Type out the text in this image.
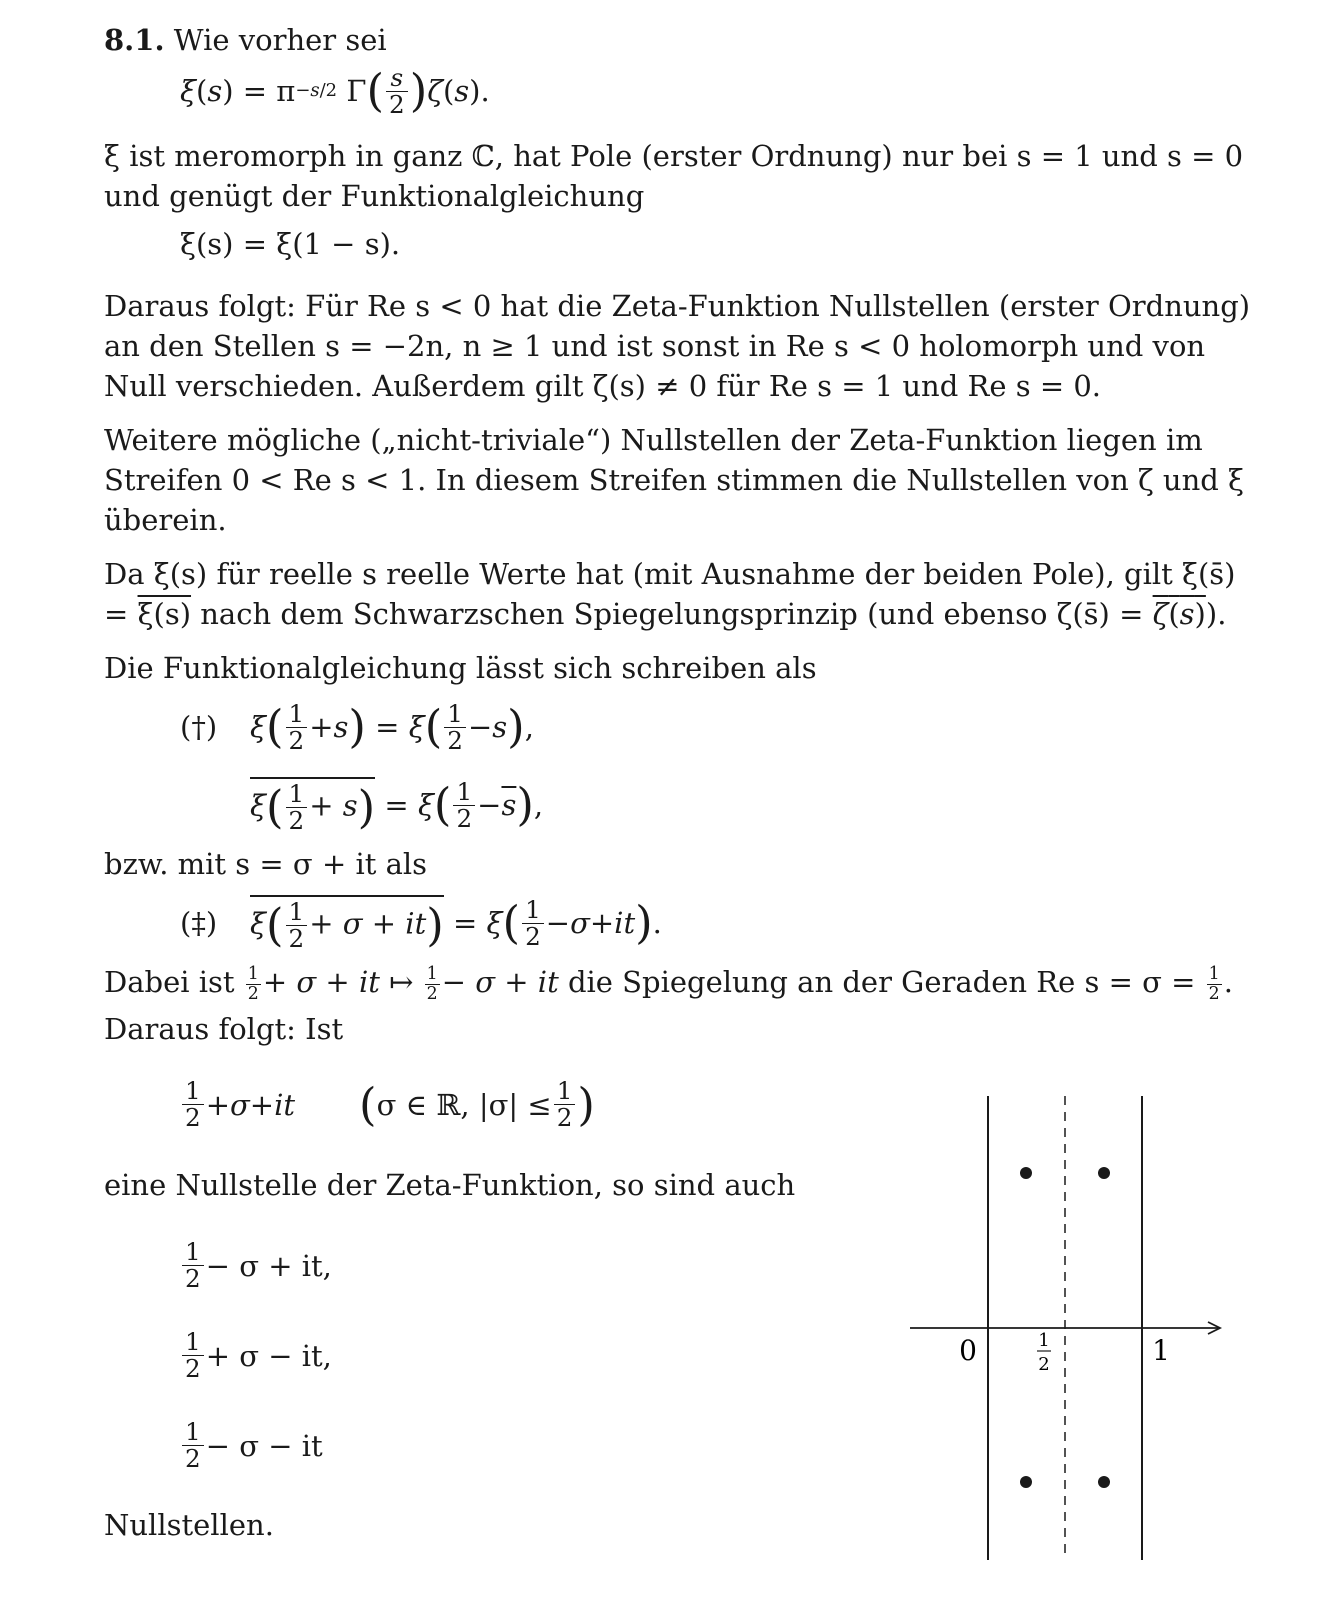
8.1. Wie vorher sei

ξ ( s ) = π −s/2 Γ ( $\frac{s}{2}$ ) ζ ( s ).

ξ ist meromorph in ganz ℂ, hat Pole (erster Ordnung) nur bei s = 1 und s = 0 und genügt der Funktionalgleichung

ξ(s) = ξ(1 − s).

Daraus folgt: Für Re s < 0 hat die Zeta-Funktion Nullstellen (erster Ordnung) an den Stellen s = −2n, n ≥ 1 und ist sonst in Re s < 0 holomorph und von Null verschieden. Außerdem gilt ζ(s) ≠ 0 für Re s = 1 und Re s = 0.

Weitere mögliche („nicht-triviale“) Nullstellen der Zeta-Funktion liegen im Streifen 0 < Re s < 1. In diesem Streifen stimmen die Nullstellen von ζ und ξ überein.

Da ξ(s) für reelle s reelle Werte hat (mit Ausnahme der beiden Pole), gilt ξ(s̄) = ξ(s) nach dem Schwarzschen Spiegelungsprinzip (und ebenso ζ(s̄) = ζ(s)).

Die Funktionalgleichung lässt sich schreiben als

(†)	ξ ( $\frac{1}{2} + s$ ) = ξ ( $\frac{1}{2} - s$ ) ,
$\xi( \frac{1}{2} + s) = \xi$ ( $\frac{1}{2} - \overline{s}$ ) ,

bzw. mit s = σ + it als

(‡)	$\xi( \frac{1}{2} + \sigma + it) = \xi$ ( $\frac{1}{2} - \sigma$ + it ) .

Dabei ist $\frac{1}{2} + \sigma$ + it ↦ $\frac{1}{2} - \sigma$ + it die Spiegelung an der Geraden Re $s = \sigma = \frac{1}{2}$ .

Daraus folgt: Ist

$\frac{1}{2} + \sigma$ + it ( σ ∈ ℝ, $|\sigma| \le \frac{1}{2}$ )

eine Nullstelle der Zeta-Funktion, so sind auch

$\frac{1}{2} - \sigma$ + it,
$\frac{1}{2} + \sigma$ − it,
$\frac{1}{2} - \sigma$ − it

Nullstellen.

0	1
2	1
